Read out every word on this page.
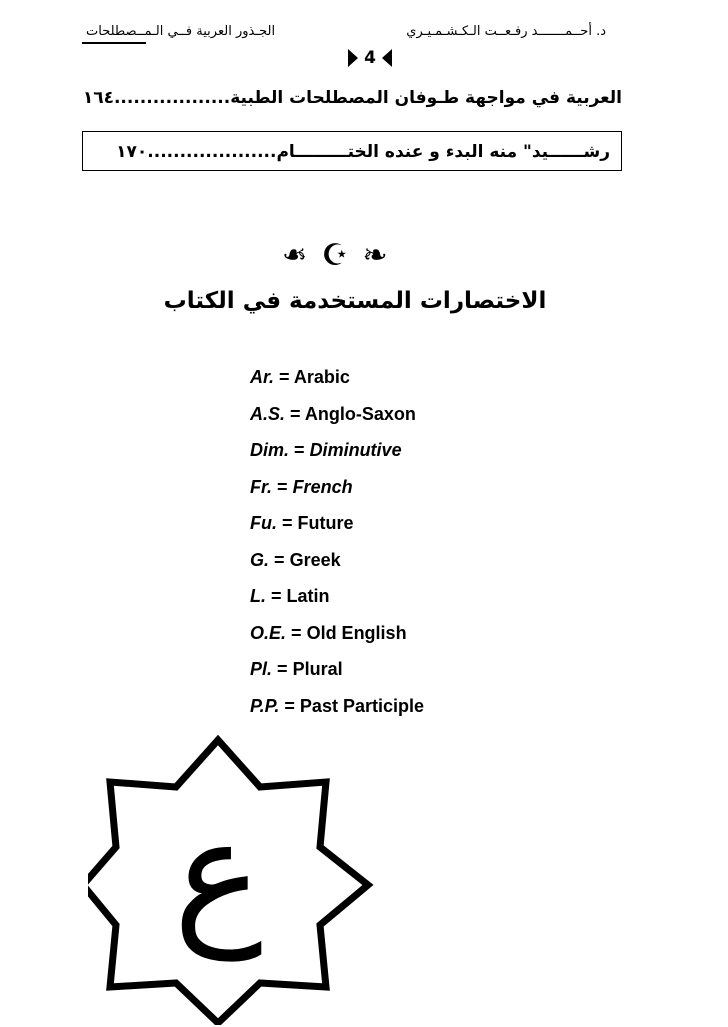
الجـذور العربية فــي الـمــصطلحات	د. أحــمـــــــد رفـعــت الـكـشـمـيـري
4
العربية في مواجهة طـوفان المصطلحات الطبية..................١٦٤
رشــــــيد" منه البدء و عنده الختـــــــــام....................١٧٠
❧ ☪ ❧
الاختصارات المستخدمة في الكتاب
Ar. = Arabic
A.S. = Anglo-Saxon
Dim. = Diminutive
Fr. = French
Fu. = Future
G. = Greek
L. = Latin
O.E. = Old English
Pl. = Plural
P.P. = Past Participle
ع
